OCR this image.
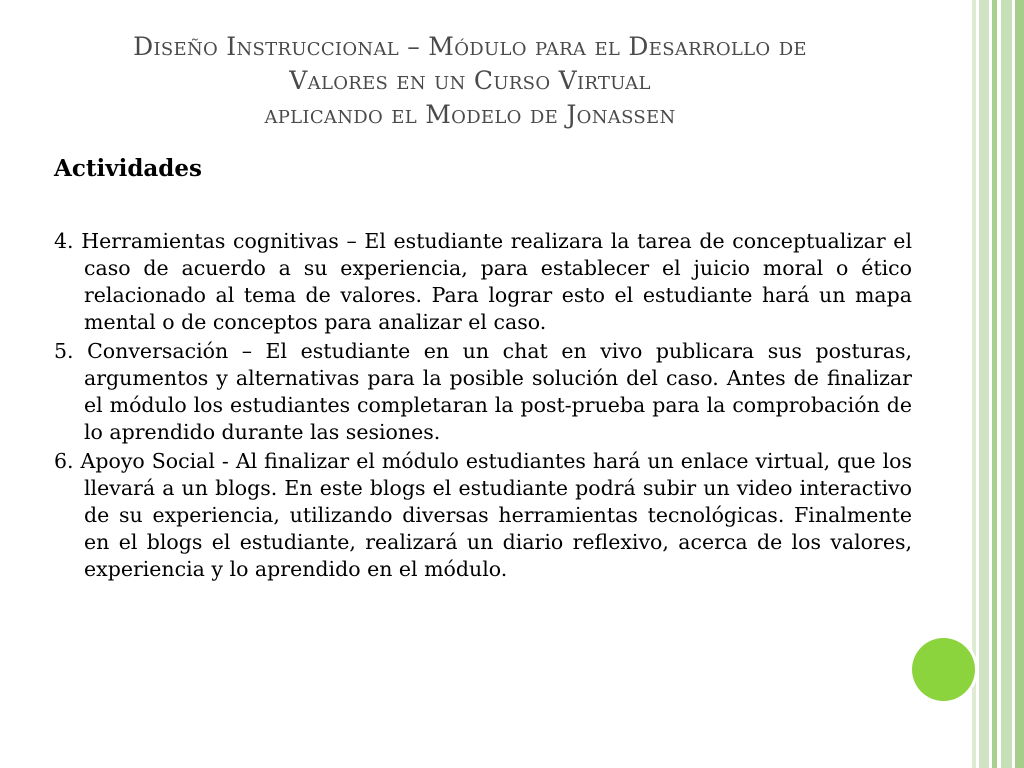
Diseño Instruccional – Módulo para el Desarrollo de
Valores en un Curso Virtual
aplicando el Modelo de Jonassen
Actividades

4. Herramientas cognitivas – El estudiante realizara la tarea de conceptualizar el caso de acuerdo a su experiencia, para establecer el juicio moral o ético relacionado al tema de valores. Para lograr esto el estudiante hará un mapa mental o de conceptos para analizar el caso.

5. Conversación – El estudiante en un chat en vivo publicara sus posturas, argumentos y alternativas para la posible solución del caso. Antes de finalizar el módulo los estudiantes completaran la post-prueba para la comprobación de lo aprendido durante las sesiones.

6. Apoyo Social - Al finalizar el módulo estudiantes hará un enlace virtual, que los llevará a un blogs. En este blogs el estudiante podrá subir un video interactivo de su experiencia, utilizando diversas herramientas tecnológicas. Finalmente en el blogs el estudiante, realizará un diario reflexivo, acerca de los valores, experiencia y lo aprendido en el módulo.
